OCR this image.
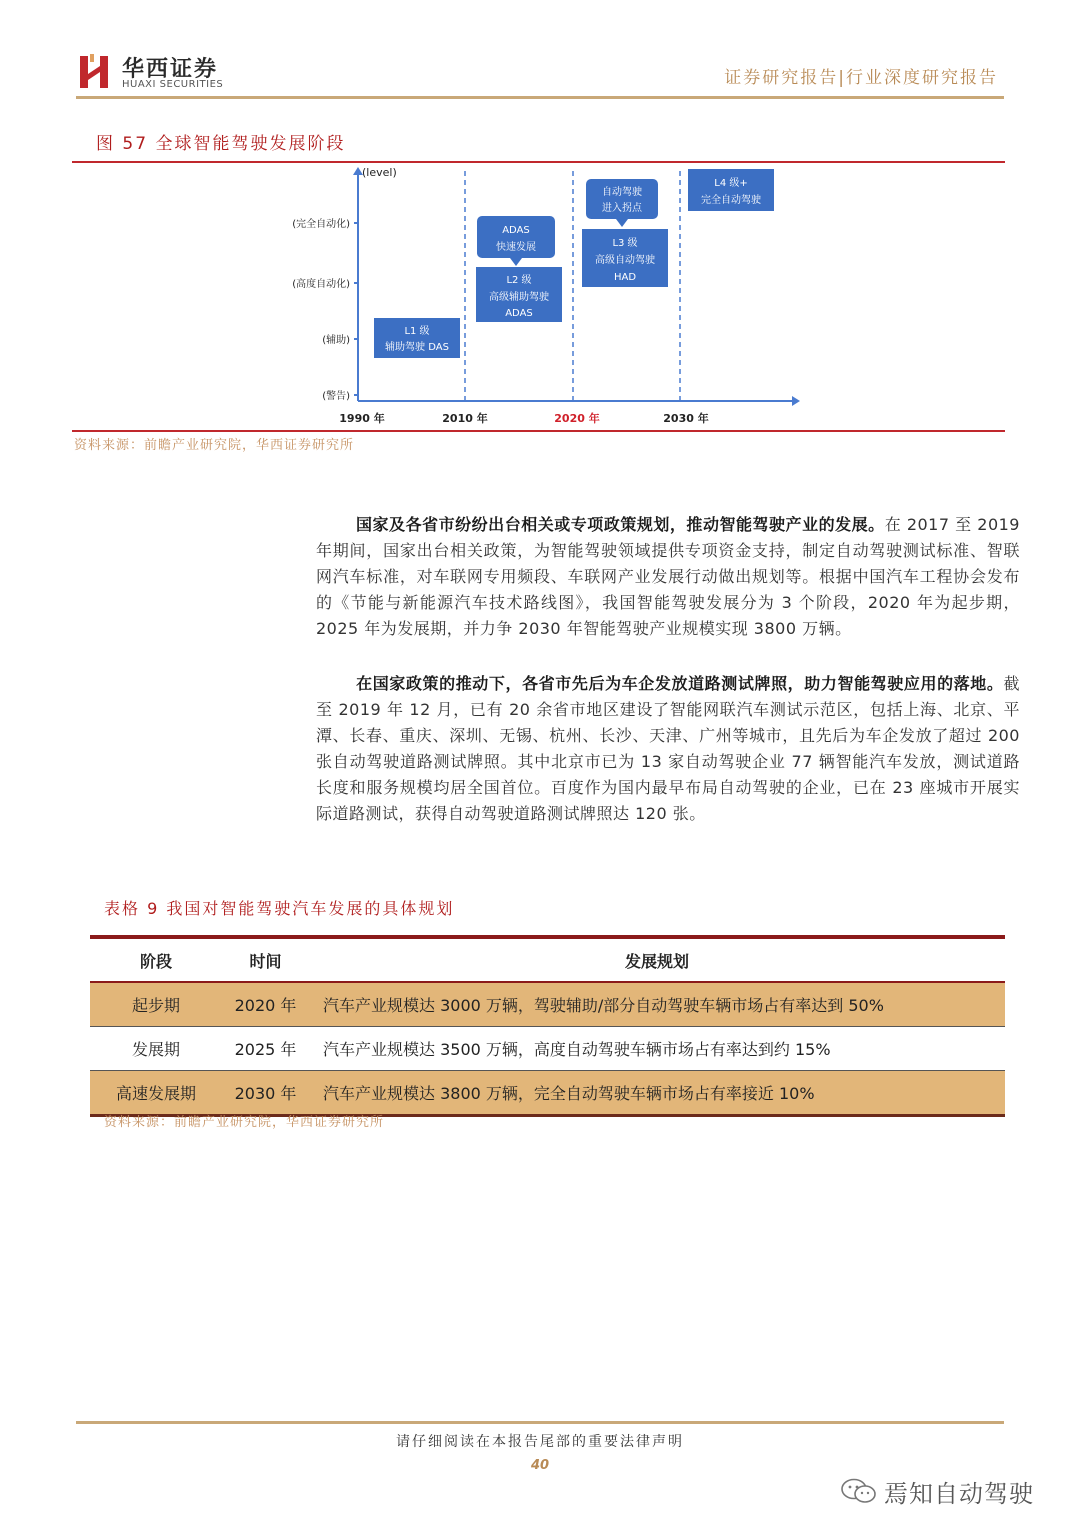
华西证券
HUAXI SECURITIES	证券研究报告|行业深度研究报告
图 57 全球智能驾驶发展阶段
(level)
(完全自动化)
(高度自动化)
(辅助)
(警告)
1990 年	2010 年	2020 年	2030 年
L1 级
辅助驾驶 DAS
ADAS
快速发展
L2 级
高级辅助驾驶
ADAS
自动驾驶
进入拐点
L3 级
高级自动驾驶
HAD
L4 级+
完全自动驾驶
资料来源：前瞻产业研究院，华西证券研究所
国家及各省市纷纷出台相关或专项政策规划，推动智能驾驶产业的发展。在 2017 至 2019 年期间，国家出台相关政策，为智能驾驶领域提供专项资金支持，制定自动驾驶测试标准、智联网汽车标准，对车联网专用频段、车联网产业发展行动做出规划等。根据中国汽车工程协会发布的《节能与新能源汽车技术路线图》，我国智能驾驶发展分为 3 个阶段，2020 年为起步期，2025 年为发展期，并力争 2030 年智能驾驶产业规模实现 3800 万辆。
在国家政策的推动下，各省市先后为车企发放道路测试牌照，助力智能驾驶应用的落地。截至 2019 年 12 月，已有 20 余省市地区建设了智能网联汽车测试示范区，包括上海、北京、平潭、长春、重庆、深圳、无锡、杭州、长沙、天津、广州等城市，且先后为车企发放了超过 200 张自动驾驶道路测试牌照。其中北京市已为 13 家自动驾驶企业 77 辆智能汽车发放，测试道路长度和服务规模均居全国首位。百度作为国内最早布局自动驾驶的企业，已在 23 座城市开展实际道路测试，获得自动驾驶道路测试牌照达 120 张。
表格 9 我国对智能驾驶汽车发展的具体规划
阶段	时间	发展规划
起步期	2020 年	汽车产业规模达 3000 万辆，驾驶辅助/部分自动驾驶车辆市场占有率达到 50%
发展期	2025 年	汽车产业规模达 3500 万辆，高度自动驾驶车辆市场占有率达到约 15%
高速发展期	2030 年	汽车产业规模达 3800 万辆，完全自动驾驶车辆市场占有率接近 10%
资料来源：前瞻产业研究院，华西证券研究所
请仔细阅读在本报告尾部的重要法律声明
40
焉知自动驾驶
